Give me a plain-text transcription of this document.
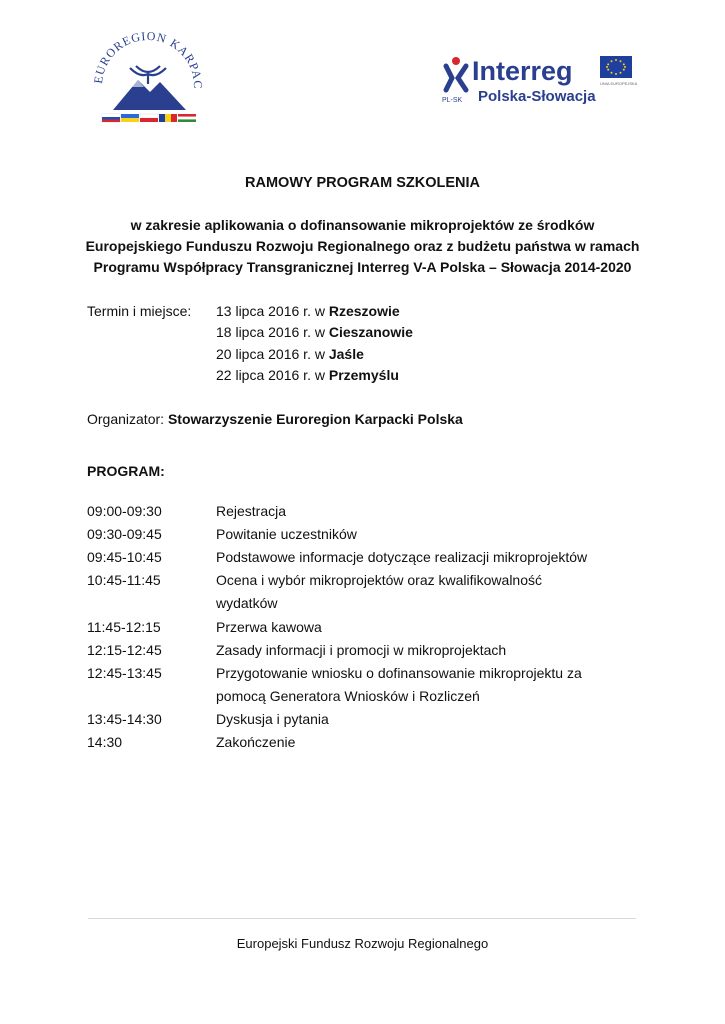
EUROREGION KARPAC
PL-SK
Interreg
Polska-Słowacja
UNIA EUROPEJSKA
RAMOWY PROGRAM SZKOLENIA
w zakresie aplikowania o dofinansowanie mikroprojektów ze środków
Europejskiego Funduszu Rozwoju Regionalnego oraz z budżetu państwa w ramach
Programu Współpracy Transgranicznej Interreg V-A Polska – Słowacja 2014-2020
Termin i miejsce: 13 lipca 2016 r. w Rzeszowie
18 lipca 2016 r. w Cieszanowie
20 lipca 2016 r. w Jaśle
22 lipca 2016 r. w Przemyślu
Organizator: Stowarzyszenie Euroregion Karpacki Polska
PROGRAM:
09:00-09:30	Rejestracja
09:30-09:45	Powitanie uczestników
09:45-10:45	Podstawowe informacje dotyczące realizacji mikroprojektów
10:45-11:45	Ocena i wybór mikroprojektów oraz kwalifikowalność
wydatków
11:45-12:15	Przerwa kawowa
12:15-12:45	Zasady informacji i promocji w mikroprojektach
12:45-13:45	Przygotowanie wniosku o dofinansowanie mikroprojektu za
pomocą Generatora Wniosków i Rozliczeń
13:45-14:30	Dyskusja i pytania
14:30	Zakończenie
Europejski Fundusz Rozwoju Regionalnego
